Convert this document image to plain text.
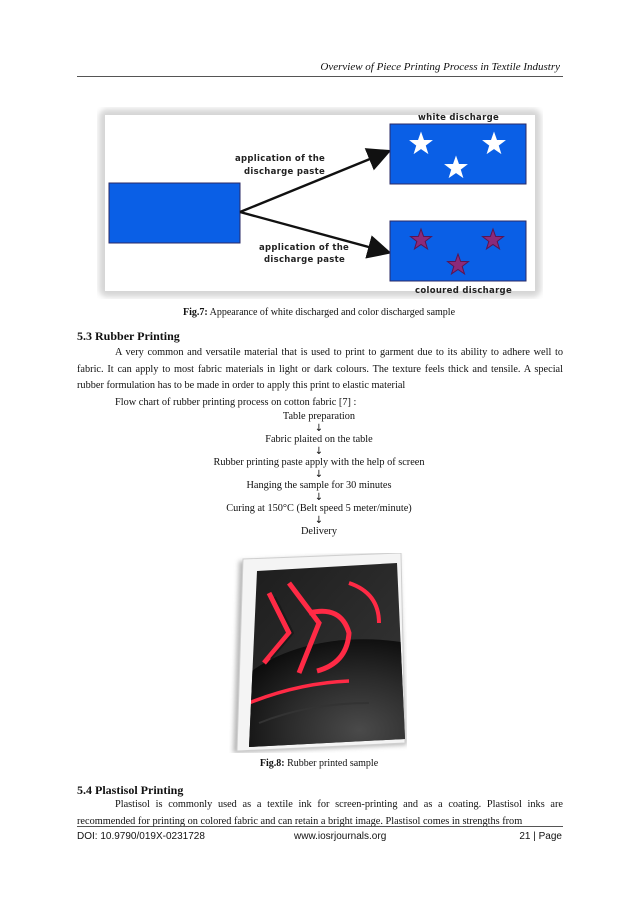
Overview of Piece Printing Process in Textile Industry
application of the discharge paste application of the discharge paste
white discharge
coloured discharge
Fig.7: Appearance of white discharged and color discharged sample
5.3 Rubber Printing
A very common and versatile material that is used to print to garment due to its ability to adhere well to fabric. It can apply to most fabric materials in light or dark colours. The texture feels thick and tensile. A special rubber formulation has to be made in order to apply this print to elastic material
Flow chart of rubber printing process on cotton fabric [7] :
Table preparation
↓
Fabric plaited on the table
↓
Rubber printing paste apply with the help of screen
↓
Hanging the sample for 30 minutes
↓
Curing at 150°C (Belt speed 5 meter/minute)
↓
Delivery
Fig.8: Rubber printed sample
5.4 Plastisol Printing
Plastisol is commonly used as a textile ink for screen-printing and as a coating. Plastisol inks are recommended for printing on colored fabric and can retain a bright image. Plastisol comes in strengths from
DOI: 10.9790/019X-0231728	www.iosrjournals.org	21 | Page
